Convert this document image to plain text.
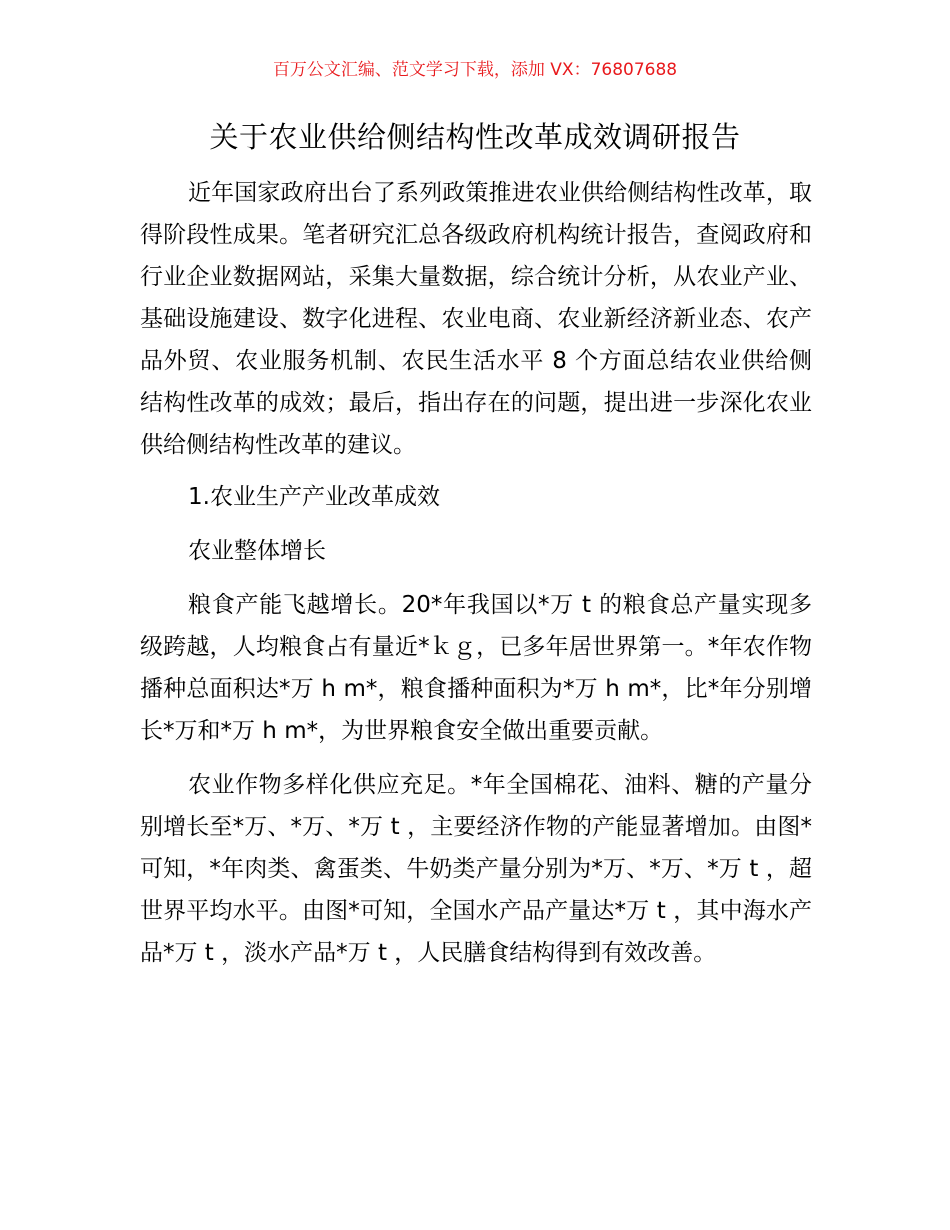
百万公文汇编、范文学习下载，添加 VX：76807688
关于农业供给侧结构性改革成效调研报告

近年国家政府出台了系列政策推进农业供给侧结构性改革，取得阶段性成果。笔者研究汇总各级政府机构统计报告，查阅政府和行业企业数据网站，采集大量数据，综合统计分析，从农业产业、基础设施建设、数字化进程、农业电商、农业新经济新业态、农产品外贸、农业服务机制、农民生活水平 8 个方面总结农业供给侧结构性改革的成效；最后，指出存在的问题，提出进一步深化农业供给侧结构性改革的建议。

1.农业生产产业改革成效

农业整体增长

粮食产能飞越增长。20*年我国以*万 t 的粮食总产量实现多级跨越，人均粮食占有量近*ｋｇ，已多年居世界第一。*年农作物播种总面积达*万 h m*，粮食播种面积为*万 h m*，比*年分别增长*万和*万 h m*，为世界粮食安全做出重要贡献。

农业作物多样化供应充足。*年全国棉花、油料、糖的产量分别增长至*万、*万、*万 t ，主要经济作物的产能显著增加。由图*可知，*年肉类、禽蛋类、牛奶类产量分别为*万、*万、*万 t ，超世界平均水平。由图*可知，全国水产品产量达*万 t ，其中海水产品*万 t ，淡水产品*万 t ，人民膳食结构得到有效改善。
